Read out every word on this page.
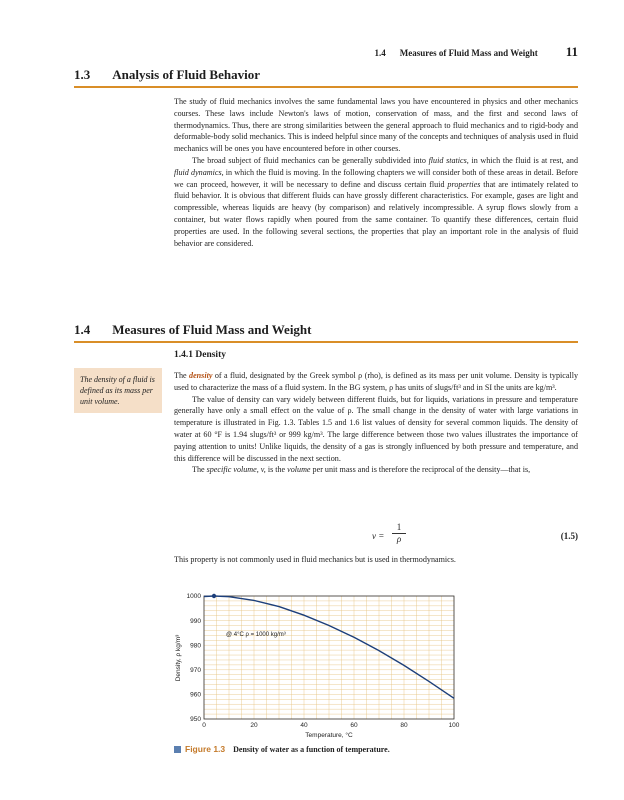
1.4 Measures of Fluid Mass and Weight 11
1.3 Analysis of Fluid Behavior

The study of fluid mechanics involves the same fundamental laws you have encountered in physics and other mechanics courses. These laws include Newton's laws of motion, conservation of mass, and the first and second laws of thermodynamics. Thus, there are strong similarities between the general approach to fluid mechanics and to rigid-body and deformable-body solid mechanics. This is indeed helpful since many of the concepts and techniques of analysis used in fluid mechanics will be ones you have encountered before in other courses.

The broad subject of fluid mechanics can be generally subdivided into fluid statics, in which the fluid is at rest, and fluid dynamics, in which the fluid is moving. In the following chapters we will consider both of these areas in detail. Before we can proceed, however, it will be necessary to define and discuss certain fluid properties that are intimately related to fluid behavior. It is obvious that different fluids can have grossly different characteristics. For example, gases are light and compressible, whereas liquids are heavy (by comparison) and relatively incompressible. A syrup flows slowly from a container, but water flows rapidly when poured from the same container. To quantify these differences, certain fluid properties are used. In the following several sections, the properties that play an important role in the analysis of fluid behavior are considered.

1.4 Measures of Fluid Mass and Weight
1.4.1 Density
The density of a fluid is defined as its mass per unit volume.

The density of a fluid, designated by the Greek symbol ρ (rho), is defined as its mass per unit volume. Density is typically used to characterize the mass of a fluid system. In the BG system, ρ has units of slugs/ft³ and in SI the units are kg/m³.

The value of density can vary widely between different fluids, but for liquids, variations in pressure and temperature generally have only a small effect on the value of ρ. The small change in the density of water with large variations in temperature is illustrated in Fig. 1.3. Tables 1.5 and 1.6 list values of density for several common liquids. The density of water at 60 °F is 1.94 slugs/ft³ or 999 kg/m³. The large difference between those two values illustrates the importance of paying attention to units! Unlike liquids, the density of a gas is strongly influenced by both pressure and temperature, and this difference will be discussed in the next section.

The specific volume, v, is the volume per unit mass and is therefore the reciprocal of the density—that is,

$v = \frac{1}{\rho}$	(1.5)
This property is not commonly used in fluid mechanics but is used in thermodynamics.
0	20	40	60	80	100
950
960
970
980
990
1000
@ 4°C ρ = 1000 kg/m³
Temperature, °C
Density, ρ kg/m³
Figure 1.3 Density of water as a function of temperature.
